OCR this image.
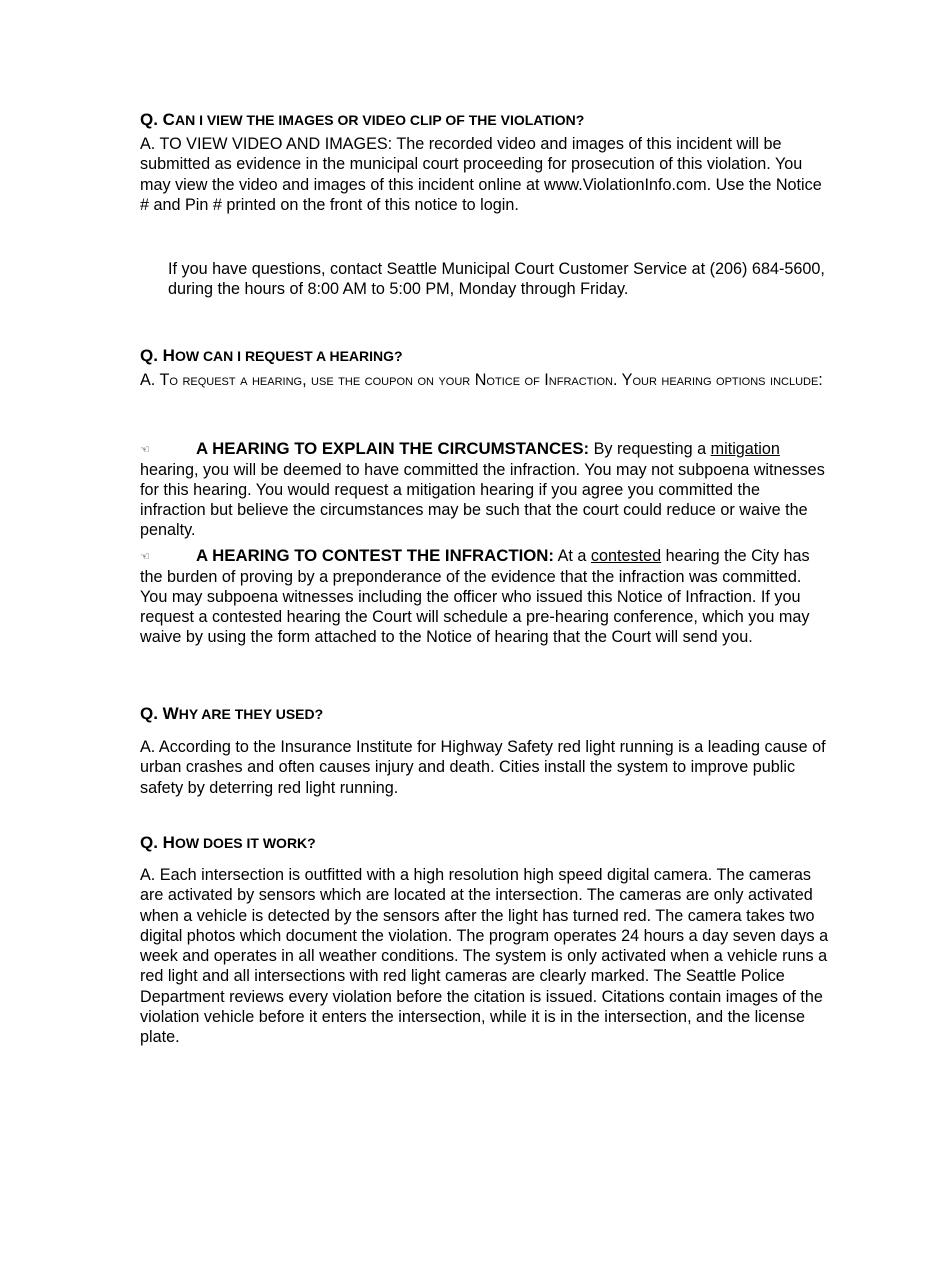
Q. CAN I VIEW THE IMAGES OR VIDEO CLIP OF THE VIOLATION?

A. TO VIEW VIDEO AND IMAGES: The recorded video and images of this incident will be submitted as evidence in the municipal court proceeding for prosecution of this violation. You may view the video and images of this incident online at www.ViolationInfo.com. Use the Notice # and Pin # printed on the front of this notice to login.

If you have questions, contact Seattle Municipal Court Customer Service at (206) 684-5600, during the hours of 8:00 AM to 5:00 PM, Monday through Friday.

Q. HOW CAN I REQUEST A HEARING?

A. To request a hearing, use the coupon on your Notice of Infraction. Your hearing options include:

☜	A HEARING TO EXPLAIN THE CIRCUMSTANCES: By requesting a mitigation hearing, you will be deemed to have committed the infraction. You may not subpoena witnesses for this hearing. You would request a mitigation hearing if you agree you committed the infraction but believe the circumstances may be such that the court could reduce or waive the penalty.

☜	A HEARING TO CONTEST THE INFRACTION: At a contested hearing the City has the burden of proving by a preponderance of the evidence that the infraction was committed. You may subpoena witnesses including the officer who issued this Notice of Infraction. If you request a contested hearing the Court will schedule a pre-hearing conference, which you may waive by using the form attached to the Notice of hearing that the Court will send you.

Q. WHY ARE THEY USED?

A. According to the Insurance Institute for Highway Safety red light running is a leading cause of urban crashes and often causes injury and death. Cities install the system to improve public safety by deterring red light running.

Q. HOW DOES IT WORK?

A. Each intersection is outfitted with a high resolution high speed digital camera. The cameras are activated by sensors which are located at the intersection. The cameras are only activated when a vehicle is detected by the sensors after the light has turned red. The camera takes two digital photos which document the violation. The program operates 24 hours a day seven days a week and operates in all weather conditions. The system is only activated when a vehicle runs a red light and all intersections with red light cameras are clearly marked. The Seattle Police Department reviews every violation before the citation is issued. Citations contain images of the violation vehicle before it enters the intersection, while it is in the intersection, and the license plate.
